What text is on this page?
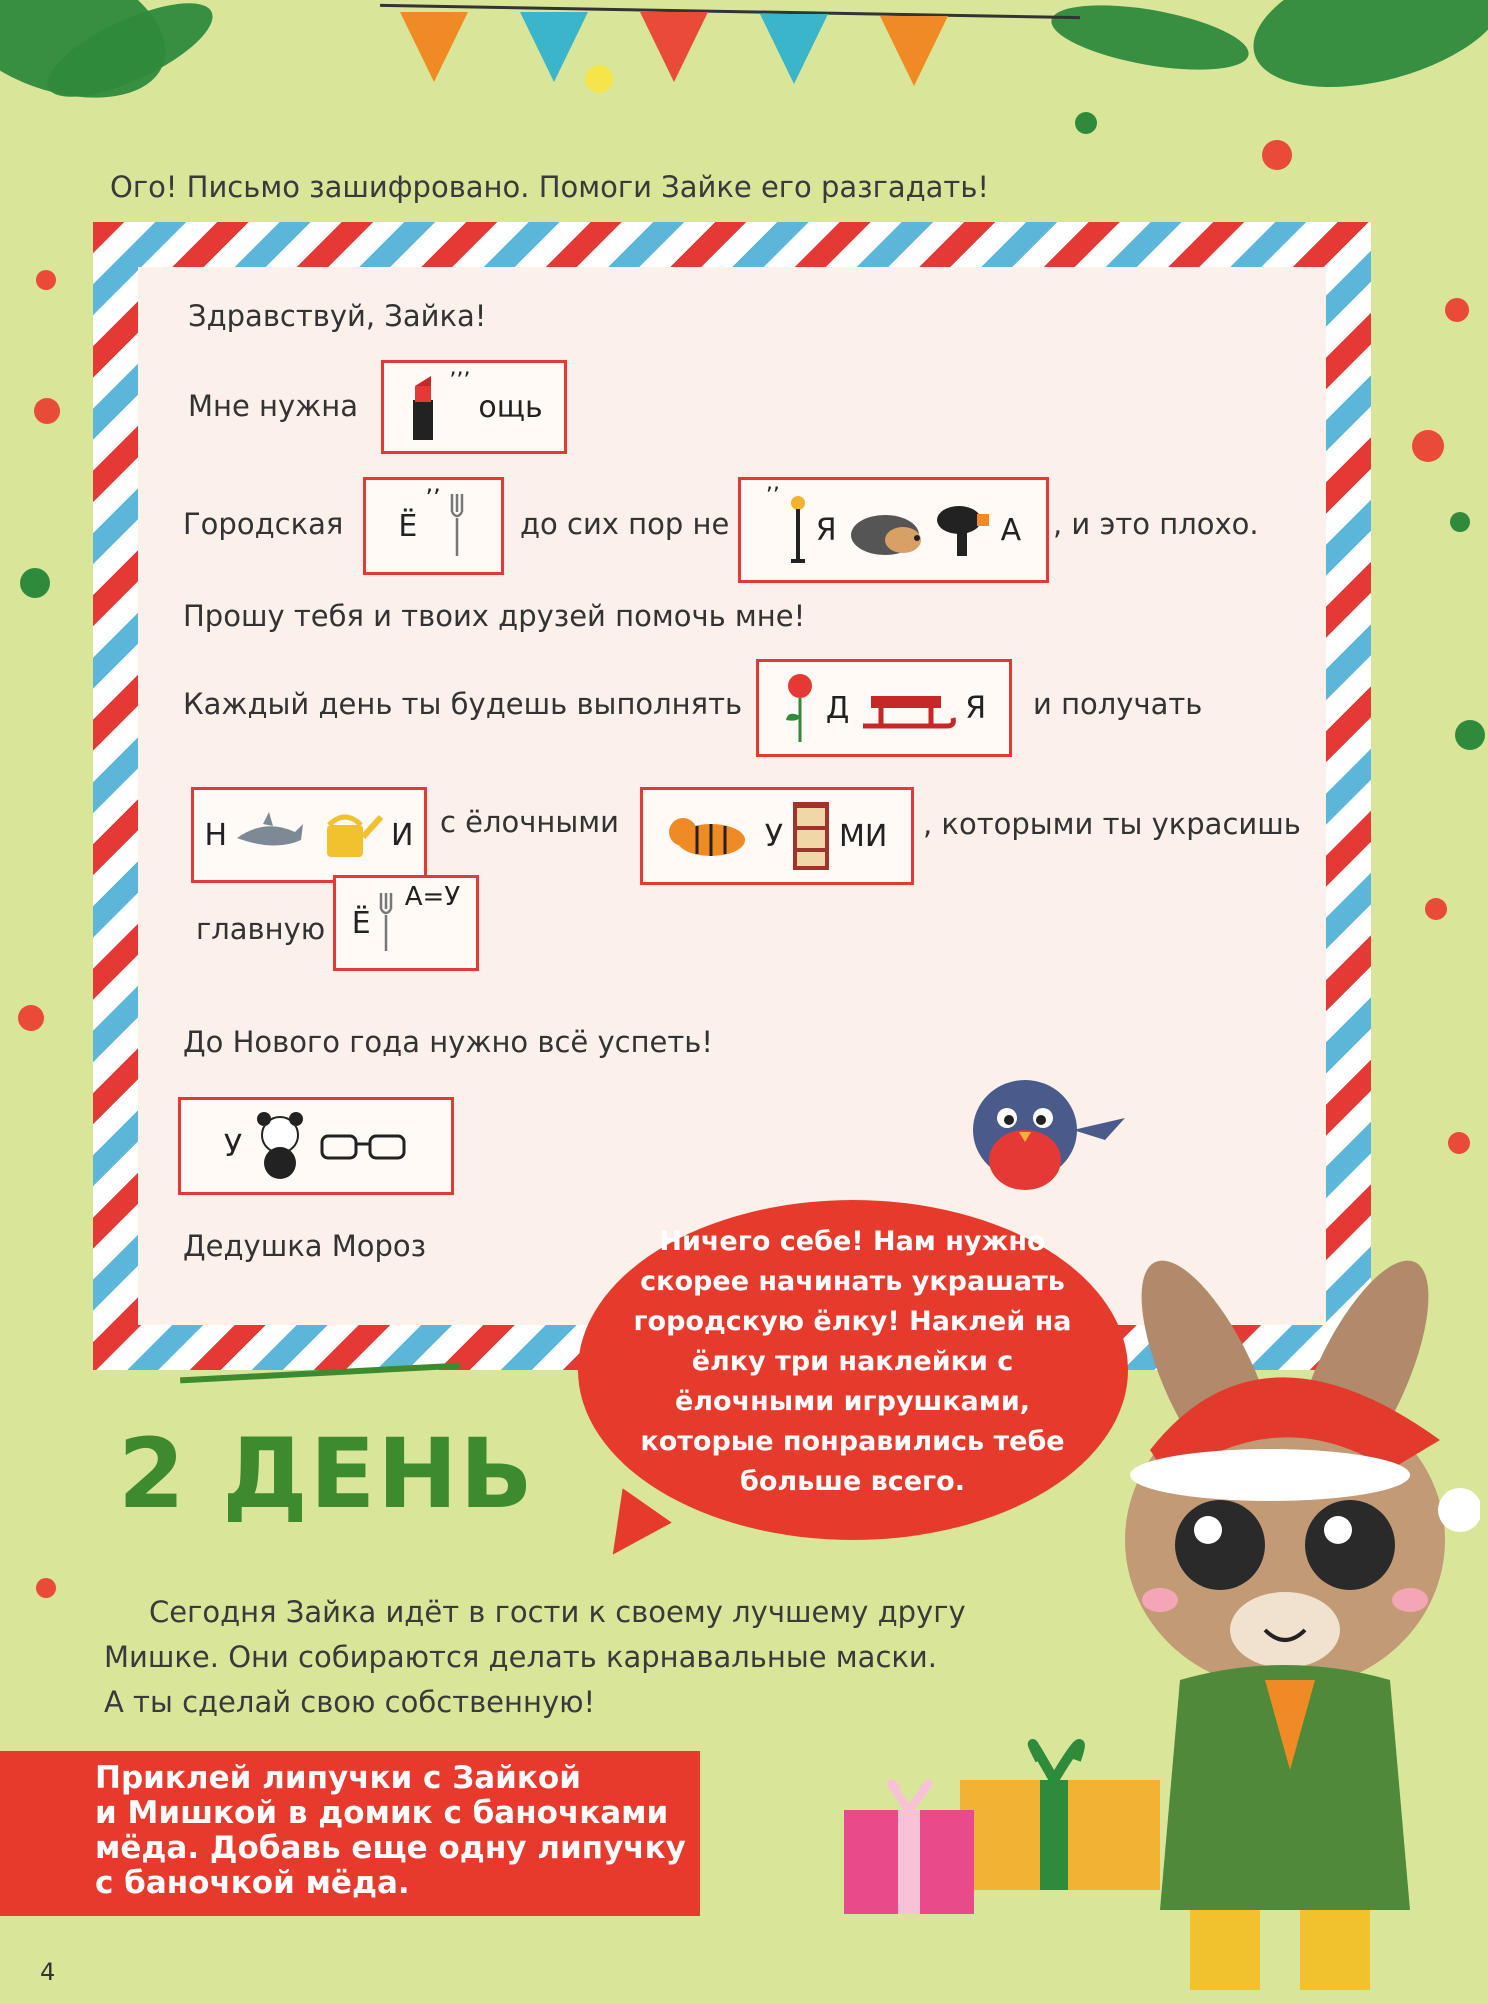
Ого! Письмо зашифровано. Помоги Зайке его разгадать!
Здравствуй, Зайка!
Мне нужна
’’’
ощь
Городская Ё
’’
до сих пор не
’’
Я	А , и это плохо.
Прошу тебя и твоих друзей помочь мне!
Каждый день ты будешь выполнять	Д	Я и получать
Н	И с ёлочными	У МИ , которыми ты украсишь
главную Ё
А=У
До Нового года нужно всё успеть!
У
Дедушка Мороз	Ничего себе! Нам нужно скорее начинать украшать городскую ёлку! Наклей на ёлку три наклейки с ёлочными игрушками, которые понравились тебе больше всего.
2 ДЕНЬ
Сегодня Зайка идёт в гости к своему лучшему другу
Мишке. Они собираются делать карнавальные маски.
А ты сделай свою собственную!
Приклей липучки с Зайкой
и Мишкой в домик с баночками
мёда. Добавь еще одну липучку
с баночкой мёда.
4
